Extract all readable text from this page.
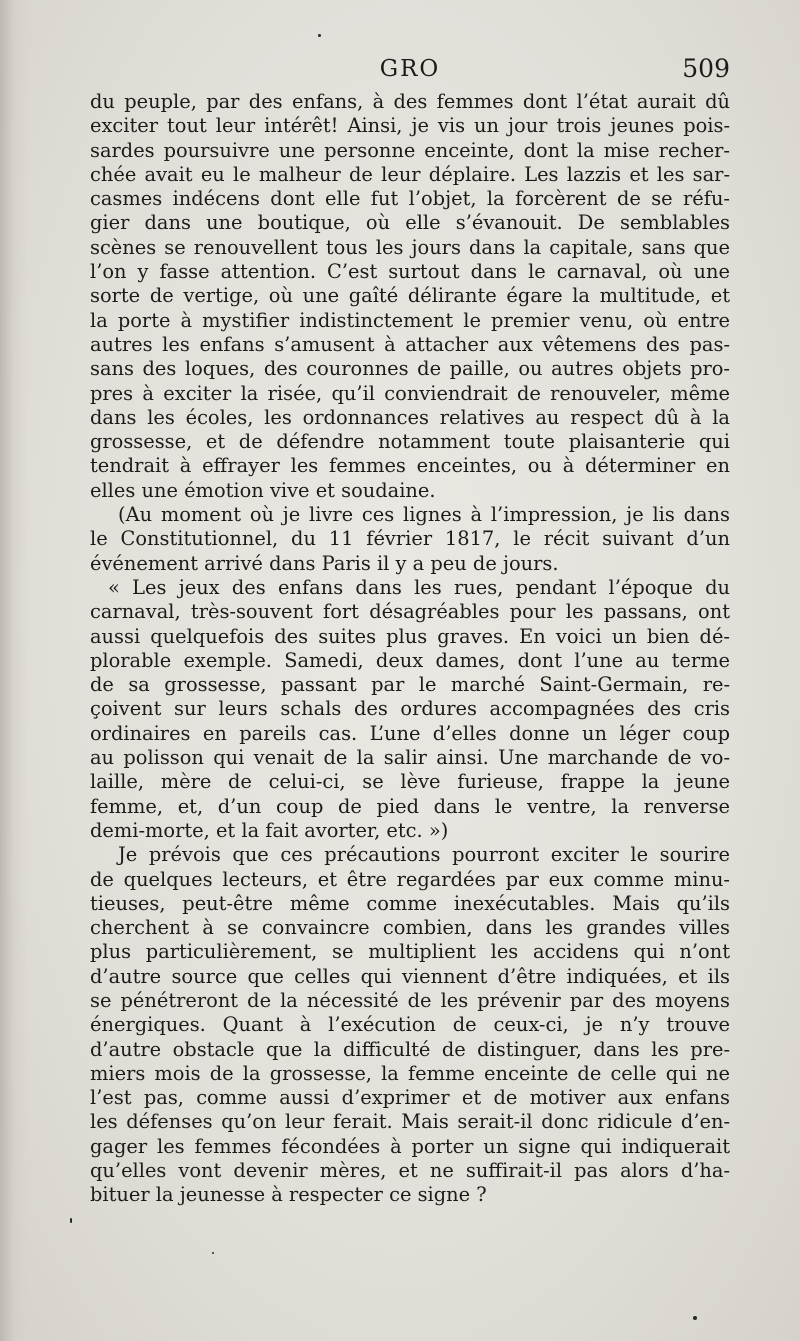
GRO	509
du peuple, par des enfans, à des femmes dont l’état aurait dû
exciter tout leur intérêt! Ainsi, je vis un jour trois jeunes pois-
sardes poursuivre une personne enceinte, dont la mise recher-
chée avait eu le malheur de leur déplaire. Les lazzis et les sar-
casmes indécens dont elle fut l’objet, la forcèrent de se réfu-
gier dans une boutique, où elle s’évanouit. De semblables
scènes se renouvellent tous les jours dans la capitale, sans que
l’on y fasse attention. C’est surtout dans le carnaval, où une
sorte de vertige, où une gaîté délirante égare la multitude, et
la porte à mystifier indistinctement le premier venu, où entre
autres les enfans s’amusent à attacher aux vêtemens des pas-
sans des loques, des couronnes de paille, ou autres objets pro-
pres à exciter la risée, qu’il conviendrait de renouveler, même
dans les écoles, les ordonnances relatives au respect dû à la
grossesse, et de défendre notamment toute plaisanterie qui
tendrait à effrayer les femmes enceintes, ou à déterminer en
elles une émotion vive et soudaine.
(Au moment où je livre ces lignes à l’impression, je lis dans
le Constitutionnel, du 11 février 1817, le récit suivant d’un
événement arrivé dans Paris il y a peu de jours.
« Les jeux des enfans dans les rues, pendant l’époque du
carnaval, très-souvent fort désagréables pour les passans, ont
aussi quelquefois des suites plus graves. En voici un bien dé-
plorable exemple. Samedi, deux dames, dont l’une au terme
de sa grossesse, passant par le marché Saint-Germain, re-
çoivent sur leurs schals des ordures accompagnées des cris
ordinaires en pareils cas. L’une d’elles donne un léger coup
au polisson qui venait de la salir ainsi. Une marchande de vo-
laille, mère de celui-ci, se lève furieuse, frappe la jeune
femme, et, d’un coup de pied dans le ventre, la renverse
demi-morte, et la fait avorter, etc. »)
Je prévois que ces précautions pourront exciter le sourire
de quelques lecteurs, et être regardées par eux comme minu-
tieuses, peut-être même comme inexécutables. Mais qu’ils
cherchent à se convaincre combien, dans les grandes villes
plus particulièrement, se multiplient les accidens qui n’ont
d’autre source que celles qui viennent d’être indiquées, et ils
se pénétreront de la nécessité de les prévenir par des moyens
énergiques. Quant à l’exécution de ceux-ci, je n’y trouve
d’autre obstacle que la difficulté de distinguer, dans les pre-
miers mois de la grossesse, la femme enceinte de celle qui ne
l’est pas, comme aussi d’exprimer et de motiver aux enfans
les défenses qu’on leur ferait. Mais serait-il donc ridicule d’en-
gager les femmes fécondées à porter un signe qui indiquerait
qu’elles vont devenir mères, et ne suffirait-il pas alors d’ha-
bituer la jeunesse à respecter ce signe ?
